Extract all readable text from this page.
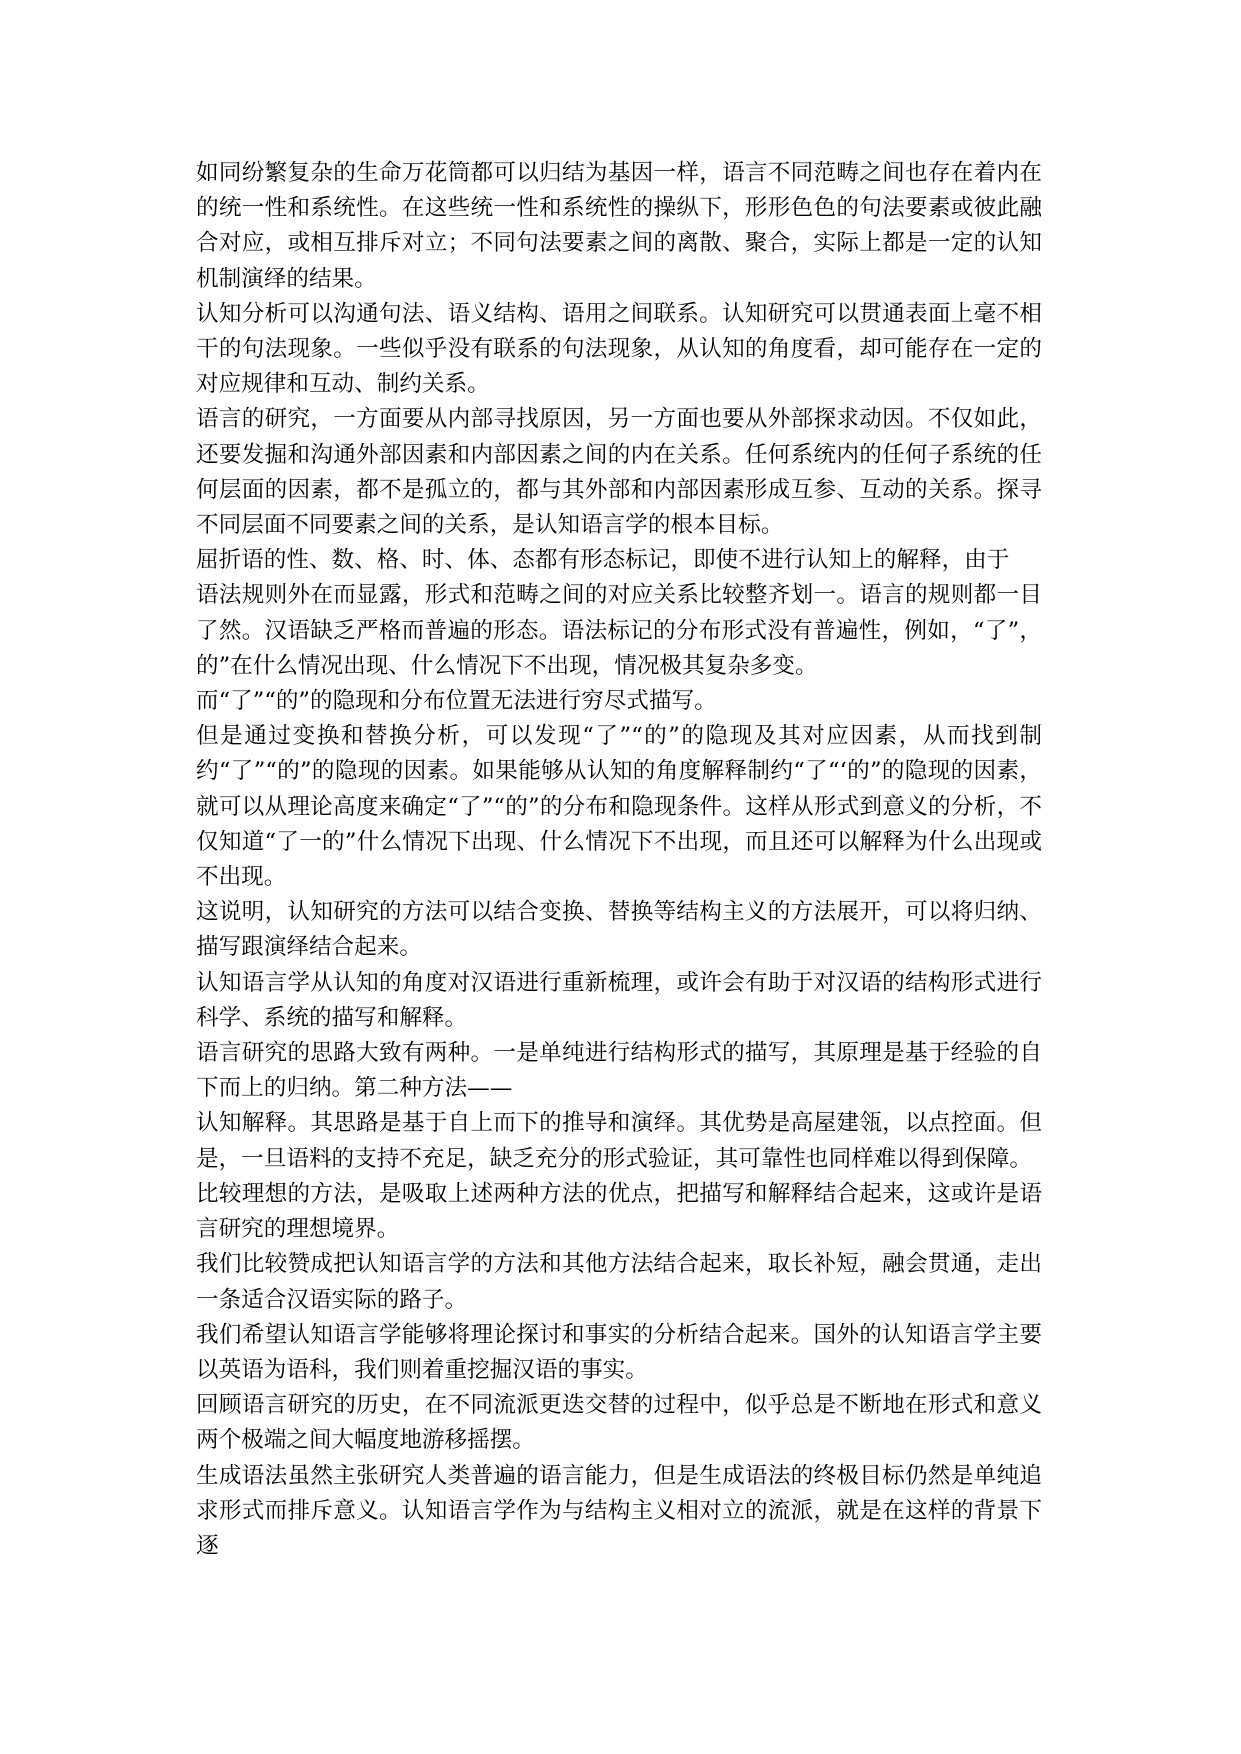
如同纷繁复杂的生命万花筒都可以归结为基因一样，语言不同范畴之间也存在着内在的统一性和系统性。在这些统一性和系统性的操纵下，形形色色的句法要素或彼此融合对应，或相互排斥对立；不同句法要素之间的离散、聚合，实际上都是一定的认知机制演绎的结果。

认知分析可以沟通句法、语义结构、语用之间联系。认知研究可以贯通表面上毫不相干的句法现象。一些似乎没有联系的句法现象，从认知的角度看，却可能存在一定的对应规律和互动、制约关系。

语言的研究，一方面要从内部寻找原因，另一方面也要从外部探求动因。不仅如此，还要发掘和沟通外部因素和内部因素之间的内在关系。任何系统内的任何子系统的任何层面的因素，都不是孤立的，都与其外部和内部因素形成互参、互动的关系。探寻不同层面不同要素之间的关系，是认知语言学的根本目标。

屈折语的性、数、格、时、体、态都有形态标记，即使不进行认知上的解释，由于

语法规则外在而显露，形式和范畴之间的对应关系比较整齐划一。语言的规则都一目了然。汉语缺乏严格而普遍的形态。语法标记的分布形式没有普遍性，例如，“了”，的”在什么情况出现、什么情况下不出现，情况极其复杂多变。

而“了”“的”的隐现和分布位置无法进行穷尽式描写。

但是通过变换和替换分析，可以发现“了”“的”的隐现及其对应因素，从而找到制约“了”“的”的隐现的因素。如果能够从认知的角度解释制约“了“‘的”的隐现的因素，就可以从理论高度来确定“了”“的”的分布和隐现条件。这样从形式到意义的分析，不仅知道“了一的”什么情况下出现、什么情况下不出现，而且还可以解释为什么出现或不出现。

这说明，认知研究的方法可以结合变换、替换等结构主义的方法展开，可以将归纳、描写跟演绎结合起来。

认知语言学从认知的角度对汉语进行重新梳理，或许会有助于对汉语的结构形式进行科学、系统的描写和解释。

语言研究的思路大致有两种。一是单纯进行结构形式的描写，其原理是基于经验的自下而上的归纳。第二种方法——

认知解释。其思路是基于自上而下的推导和演绎。其优势是高屋建瓴，以点控面。但是，一旦语料的支持不充足，缺乏充分的形式验证，其可靠性也同样难以得到保障。

比较理想的方法，是吸取上述两种方法的优点，把描写和解释结合起来，这或许是语言研究的理想境界。

我们比较赞成把认知语言学的方法和其他方法结合起来，取长补短，融会贯通，走出一条适合汉语实际的路子。

我们希望认知语言学能够将理论探讨和事实的分析结合起来。国外的认知语言学主要以英语为语科，我们则着重挖掘汉语的事实。

回顾语言研究的历史，在不同流派更迭交替的过程中，似乎总是不断地在形式和意义两个极端之间大幅度地游移摇摆。

生成语法虽然主张研究人类普遍的语言能力，但是生成语法的终极目标仍然是单纯追求形式而排斥意义。认知语言学作为与结构主义相对立的流派，就是在这样的背景下逐
